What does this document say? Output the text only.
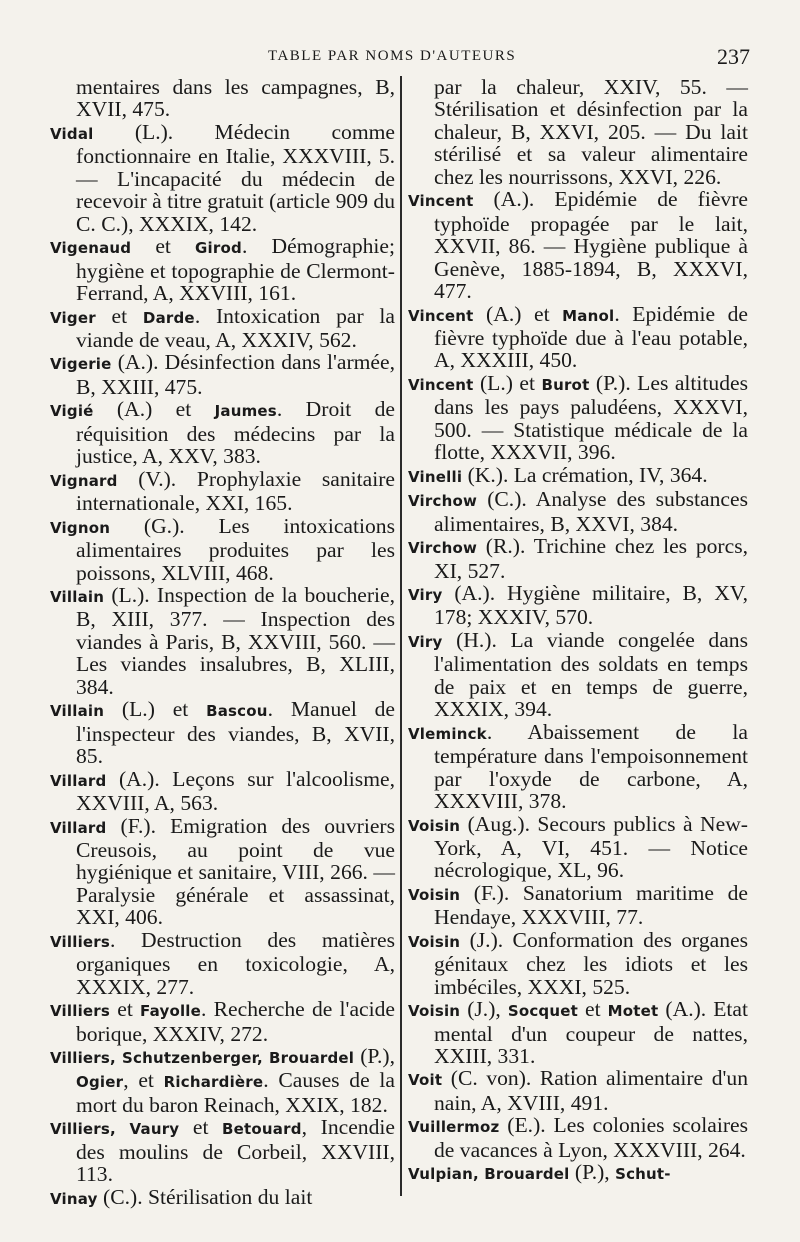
TABLE PAR NOMS D'AUTEURS	237

mentaires dans les campagnes, B, XVII, 475.

Vidal (L.). Médecin comme fonctionnaire en Italie, XXXVIII, 5. — L'incapacité du médecin de recevoir à titre gratuit (article 909 du C. C.), XXXIX, 142.

Vigenaud et Girod. Démographie; hygiène et topographie de Clermont-Ferrand, A, XXVIII, 161.

Viger et Darde. Intoxication par la viande de veau, A, XXXIV, 562.

Vigerie (A.). Désinfection dans l'armée, B, XXIII, 475.

Vigié (A.) et Jaumes. Droit de réquisition des médecins par la justice, A, XXV, 383.

Vignard (V.). Prophylaxie sanitaire internationale, XXI, 165.

Vignon (G.). Les intoxications alimentaires produites par les poissons, XLVIII, 468.

Villain (L.). Inspection de la boucherie, B, XIII, 377. — Inspection des viandes à Paris, B, XXVIII, 560. — Les viandes insalubres, B, XLIII, 384.

Villain (L.) et Bascou. Manuel de l'inspecteur des viandes, B, XVII, 85.

Villard (A.). Leçons sur l'alcoolisme, XXVIII, A, 563.

Villard (F.). Emigration des ouvriers Creusois, au point de vue hygiénique et sanitaire, VIII, 266. — Paralysie générale et assassinat, XXI, 406.

Villiers. Destruction des matières organiques en toxicologie, A, XXXIX, 277.

Villiers et Fayolle. Recherche de l'acide borique, XXXIV, 272.

Villiers, Schutzenberger, Brouardel (P.), Ogier, et Richardière. Causes de la mort du baron Reinach, XXIX, 182.

Villiers, Vaury et Betouard, Incendie des moulins de Corbeil, XXVIII, 113.

Vinay (C.). Stérilisation du lait

par la chaleur, XXIV, 55. — Stérilisation et désinfection par la chaleur, B, XXVI, 205. — Du lait stérilisé et sa valeur alimentaire chez les nourrissons, XXVI, 226.

Vincent (A.). Epidémie de fièvre typhoïde propagée par le lait, XXVII, 86. — Hygiène publique à Genève, 1885-1894, B, XXXVI, 477.

Vincent (A.) et Manol. Epidémie de fièvre typhoïde due à l'eau potable, A, XXXIII, 450.

Vincent (L.) et Burot (P.). Les altitudes dans les pays paludéens, XXXVI, 500. — Statistique médicale de la flotte, XXXVII, 396.

Vinelli (K.). La crémation, IV, 364.

Virchow (C.). Analyse des substances alimentaires, B, XXVI, 384.

Virchow (R.). Trichine chez les porcs, XI, 527.

Viry (A.). Hygiène militaire, B, XV, 178; XXXIV, 570.

Viry (H.). La viande congelée dans l'alimentation des soldats en temps de paix et en temps de guerre, XXXIX, 394.

Vleminck. Abaissement de la température dans l'empoisonnement par l'oxyde de carbone, A, XXXVIII, 378.

Voisin (Aug.). Secours publics à New-York, A, VI, 451. — Notice nécrologique, XL, 96.

Voisin (F.). Sanatorium maritime de Hendaye, XXXVIII, 77.

Voisin (J.). Conformation des organes génitaux chez les idiots et les imbéciles, XXXI, 525.

Voisin (J.), Socquet et Motet (A.). Etat mental d'un coupeur de nattes, XXIII, 331.

Voit (C. von). Ration alimentaire d'un nain, A, XVIII, 491.

Vuillermoz (E.). Les colonies scolaires de vacances à Lyon, XXXVIII, 264.

Vulpian, Brouardel (P.), Schut-
